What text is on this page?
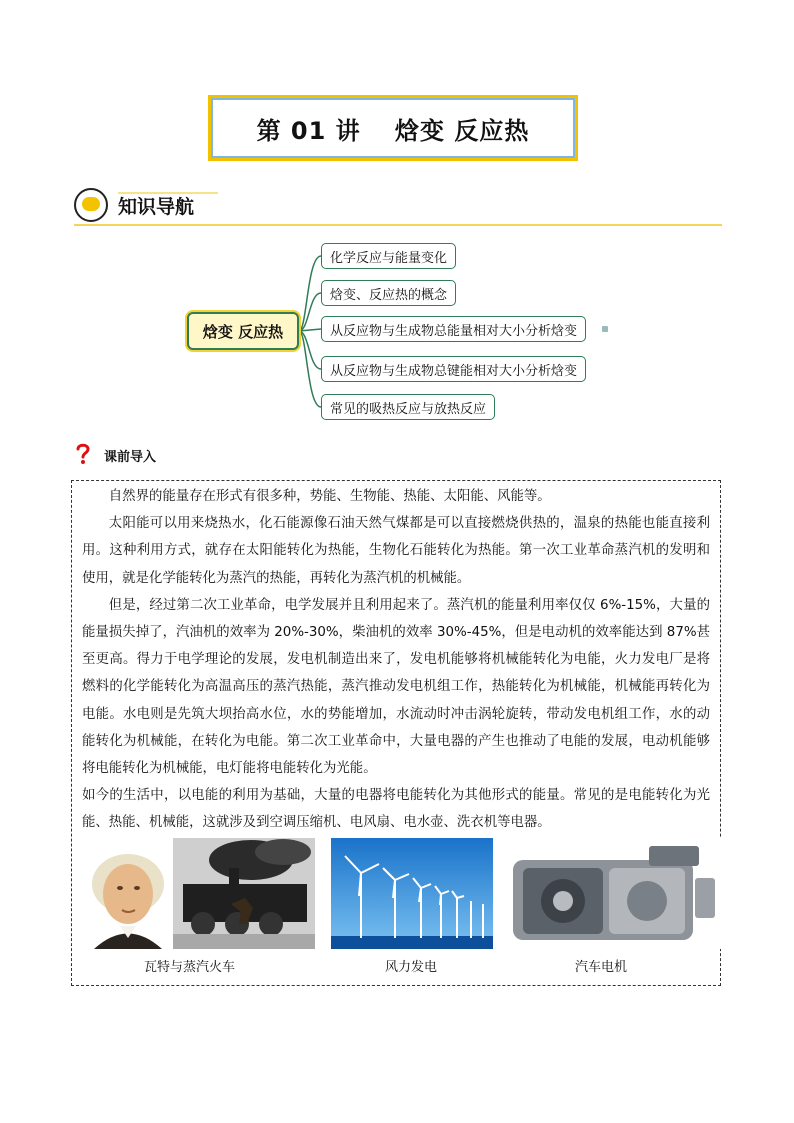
第 01 讲　 焓变 反应热
知识导航
焓变 反应热
化学反应与能量变化
焓变、反应热的概念
从反应物与生成物总能量相对大小分析焓变
从反应物与生成物总键能相对大小分析焓变
常见的吸热反应与放热反应
课前导入

自然界的能量存在形式有很多种，势能、生物能、热能、太阳能、风能等。

太阳能可以用来烧热水，化石能源像石油天然气煤都是可以直接燃烧供热的，温泉的热能也能直接利用。这种利用方式，就存在太阳能转化为热能，生物化石能转化为热能。第一次工业革命蒸汽机的发明和使用，就是化学能转化为蒸汽的热能，再转化为蒸汽机的机械能。

但是，经过第二次工业革命，电学发展并且利用起来了。蒸汽机的能量利用率仅仅 6%-15%，大量的能量损失掉了，汽油机的效率为 20%-30%，柴油机的效率 30%-45%，但是电动机的效率能达到 87%甚至更高。得力于电学理论的发展，发电机制造出来了，发电机能够将机械能转化为电能，火力发电厂是将燃料的化学能转化为高温高压的蒸汽热能，蒸汽推动发电机组工作，热能转化为机械能，机械能再转化为电能。水电则是先筑大坝抬高水位，水的势能增加，水流动时冲击涡轮旋转，带动发电机组工作，水的动能转化为机械能，在转化为电能。第二次工业革命中，大量电器的产生也推动了电能的发展，电动机能够将电能转化为机械能，电灯能将电能转化为光能。

如今的生活中，以电能的利用为基础，大量的电器将电能转化为其他形式的能量。常见的是电能转化为光能、热能、机械能，这就涉及到空调压缩机、电风扇、电水壶、洗衣机等电器。

瓦特与蒸汽火车	风力发电	汽车电机
